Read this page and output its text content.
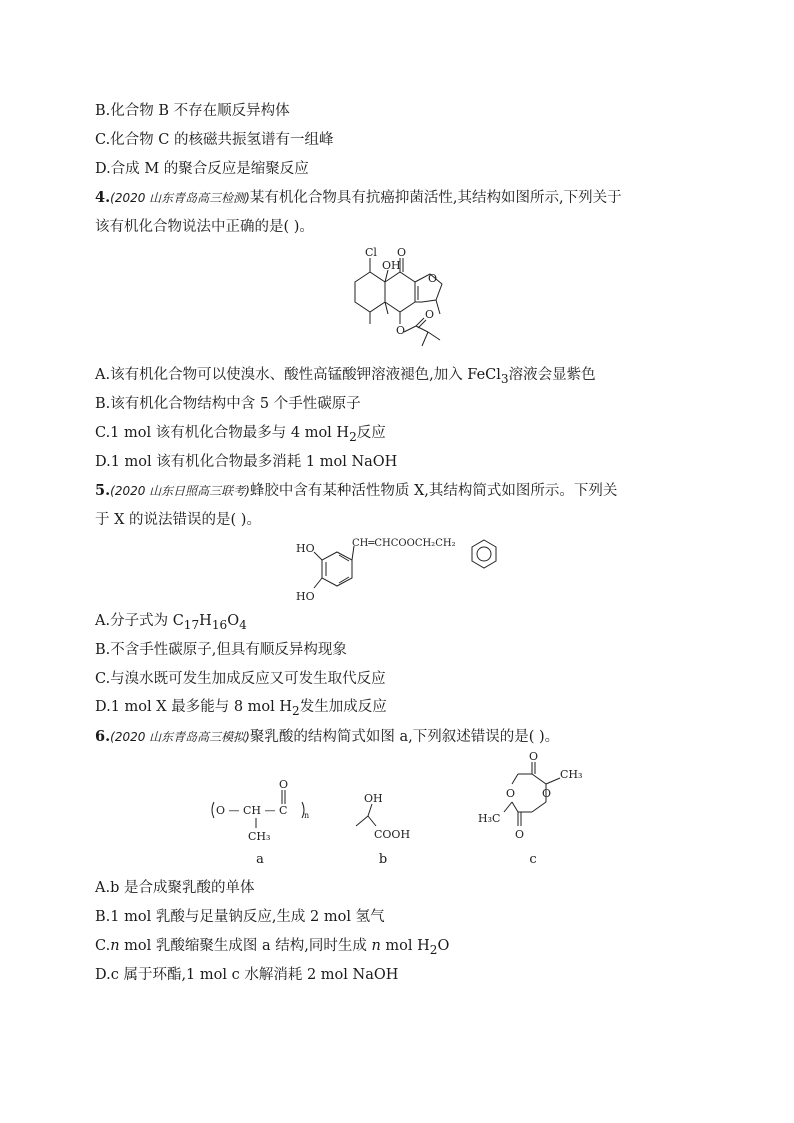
B.化合物 B 不存在顺反异构体
C.化合物 C 的核磁共振氢谱有一组峰
D.合成 M 的聚合反应是缩聚反应
4.(2020 山东青岛高三检测)某有机化合物具有抗癌抑菌活性,其结构如图所示,下列关于
该有机化合物说法中正确的是( )。
Cl
OH
O
O
O
O
A.该有机化合物可以使溴水、酸性高锰酸钾溶液褪色,加入 FeCl$_3$溶液会显紫色
B.该有机化合物结构中含 5 个手性碳原子
C.1 mol 该有机化合物最多与 4 mol $H_2$反应
D.1 mol 该有机化合物最多消耗 1 mol NaOH
5.(2020 山东日照高三联考)蜂胶中含有某种活性物质 X,其结构简式如图所示。下列关
于 X 的说法错误的是( )。
HO
HO
CH═CHCOOCH₂CH₂
A.分子式为 $C_{17}H_{16}O_4$
B.不含手性碳原子,但具有顺反异构现象
C.与溴水既可发生加成反应又可发生取代反应
D.1 mol X 最多能与 8 mol $H_2$发生加成反应
6.(2020 山东青岛高三模拟)聚乳酸的结构简式如图 a,下列叙述错误的是( )。
O — CH — C
O
CH₃
n
OH
COOH
O
O
O O
CH₃
H₃C
a	b	c
A.b 是合成聚乳酸的单体
B.1 mol 乳酸与足量钠反应,生成 2 mol 氢气
C.n mol 乳酸缩聚生成图 a 结构,同时生成 n mol $H_2O$
D.c 属于环酯,1 mol c 水解消耗 2 mol NaOH
